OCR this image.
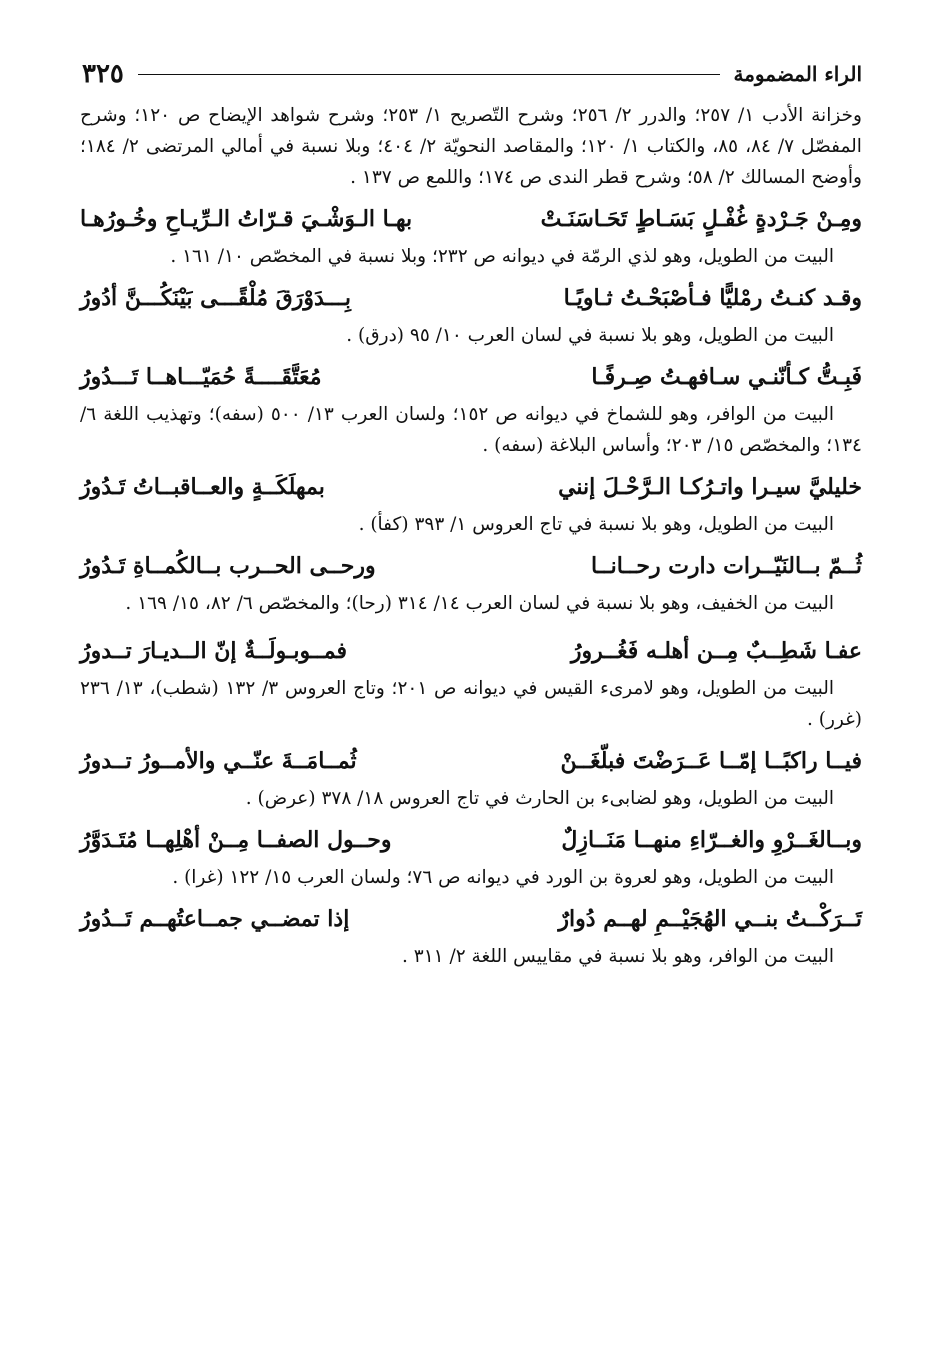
الراء المضمومة
٣٢٥

وخزانة الأدب ١/ ٢٥٧؛ والدرر ٢/ ٢٥٦؛ وشرح التّصريح ١/ ٢٥٣؛ وشرح شواهد الإيضاح ص ١٢٠؛ وشرح المفصّل ٧/ ٨٤، ٨٥، والكتاب ١/ ١٢٠؛ والمقاصد النحويّة ٢/ ٤٠٤؛ وبلا نسبة في أمالي المرتضى ٢/ ١٨٤؛ وأوضح المسالك ٢/ ٥٨؛ وشرح قطر الندى ص ١٧٤؛ واللمع ص ١٣٧ .

ومِـنْ جَـرْدةٍ غُفْـلٍ بَسَـاطٍ تَحَـاسَنَـتْ
بهـا الـوَشْـيَ قـرّاتُ الـرِّيـاحِ وخُـورُهـا

البيت من الطويل، وهو لذي الرمّة في ديوانه ص ٢٣٢؛ وبلا نسبة في المخصّص ١٠/ ١٦١ .

وقـد كنـتُ رمْليًّا فـأصْبَحْـتُ ثـاويًـا
بِـــدَوْرَقَ مُلْقًـــى بَيْنَكُـــنَّ أدُورُ

البيت من الطويل، وهو بلا نسبة في لسان العرب ١٠/ ٩٥ (درق) .

فَبِـتُّ كـأنّنـي سـافهـتُ صِـرفًـا
مُعَتَّقَــــةً حُمَيّـــاهــا تَـــدُورُ

البيت من الوافر، وهو للشماخ في ديوانه ص ١٥٢؛ ولسان العرب ١٣/ ٥٠٠ (سفه)؛ وتهذيب اللغة ٦/ ١٣٤؛ والمخصّص ١٥/ ٢٠٣؛ وأساس البلاغة (سفه) .

خليليَّ سيـرا واتـرُكـا الـرَّحْـلَ إنني
بمهلَكَــةٍ والعــاقبــاتُ تَـدُورُ

البيت من الطويل، وهو بلا نسبة في تاج العروس ١/ ٣٩٣ (كفأ) .

ثُــمّ بــالنَيّــرات دارت رحــانــا
ورحــى الحــرب بــالكُمــاةِ تَـدُورُ

البيت من الخفيف، وهو بلا نسبة في لسان العرب ١٤/ ٣١٤ (رحا)؛ والمخصّص ٦/ ٨٢، ١٥/ ١٦٩ .

عفـا شَطِــبٌ مِــن أهلـه فَغُــرورُ
فمــوبـولَــةٌ إنّ الــديـارَ تــدورُ

البيت من الطويل، وهو لامرىء القيس في ديوانه ص ٢٠١؛ وتاج العروس ٣/ ١٣٢ (شطب)، ١٣/ ٢٣٦ (غرر) .

فيــا راكبًــا إمّــا عَــرَضْتَ فبلّغَــنْ
ثُمــامَــةَ عنّــي والأمــورُ تــدورُ

البيت من الطويل، وهو لضابىء بن الحارث في تاج العروس ١٨/ ٣٧٨ (عرض) .

وبــالغَــرْوِ والغــرّاءِ منهــا مَنَــازِلٌ
وحــول الصفــا مِــنْ أهْلِهــا مُتَـدَوَّرُ

البيت من الطويل، وهو لعروة بن الورد في ديوانه ص ٧٦؛ ولسان العرب ١٥/ ١٢٢ (غرا) .

تَــرَكْــتُ بنــي الهُجَيْــمِ لهــم دُوارٌ
إذا تمضــي جمــاعتُهــم تَــدُورُ

البيت من الوافر، وهو بلا نسبة في مقاييس اللغة ٢/ ٣١١ .
